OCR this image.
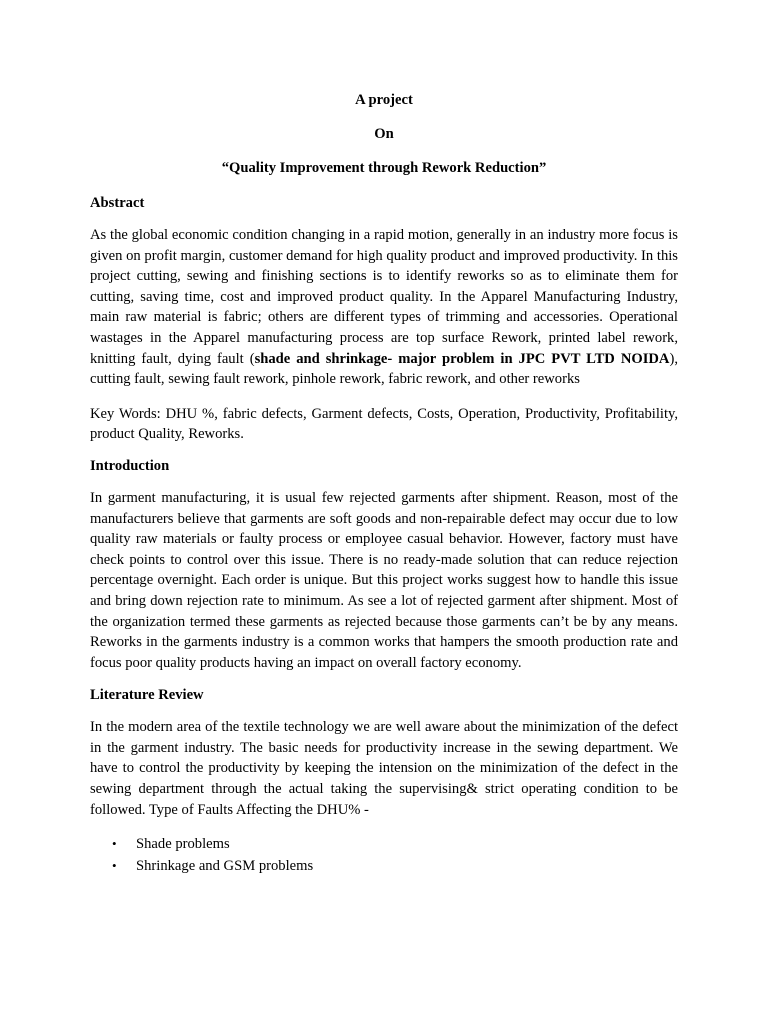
A project
On
“Quality Improvement through Rework Reduction”
Abstract

As the global economic condition changing in a rapid motion, generally in an industry more focus is given on profit margin, customer demand for high quality product and improved productivity. In this project cutting, sewing and finishing sections is to identify reworks so as to eliminate them for cutting, saving time, cost and improved product quality. In the Apparel Manufacturing Industry, main raw material is fabric; others are different types of trimming and accessories. Operational wastages in the Apparel manufacturing process are top surface Rework, printed label rework, knitting fault, dying fault (shade and shrinkage- major problem in JPC PVT LTD NOIDA), cutting fault, sewing fault rework, pinhole rework, fabric rework, and other reworks

Key Words: DHU %, fabric defects, Garment defects, Costs, Operation, Productivity, Profitability, product Quality, Reworks.

Introduction

In garment manufacturing, it is usual few rejected garments after shipment. Reason, most of the manufacturers believe that garments are soft goods and non-repairable defect may occur due to low quality raw materials or faulty process or employee casual behavior. However, factory must have check points to control over this issue. There is no ready-made solution that can reduce rejection percentage overnight. Each order is unique. But this project works suggest how to handle this issue and bring down rejection rate to minimum. As see a lot of rejected garment after shipment. Most of the organization termed these garments as rejected because those garments can’t be by any means. Reworks in the garments industry is a common works that hampers the smooth production rate and focus poor quality products having an impact on overall factory economy.

Literature Review

In the modern area of the textile technology we are well aware about the minimization of the defect in the garment industry. The basic needs for productivity increase in the sewing department. We have to control the productivity by keeping the intension on the minimization of the defect in the sewing department through the actual taking the supervising& strict operating condition to be followed. Type of Faults Affecting the DHU% -

• Shade problems
• Shrinkage and GSM problems
